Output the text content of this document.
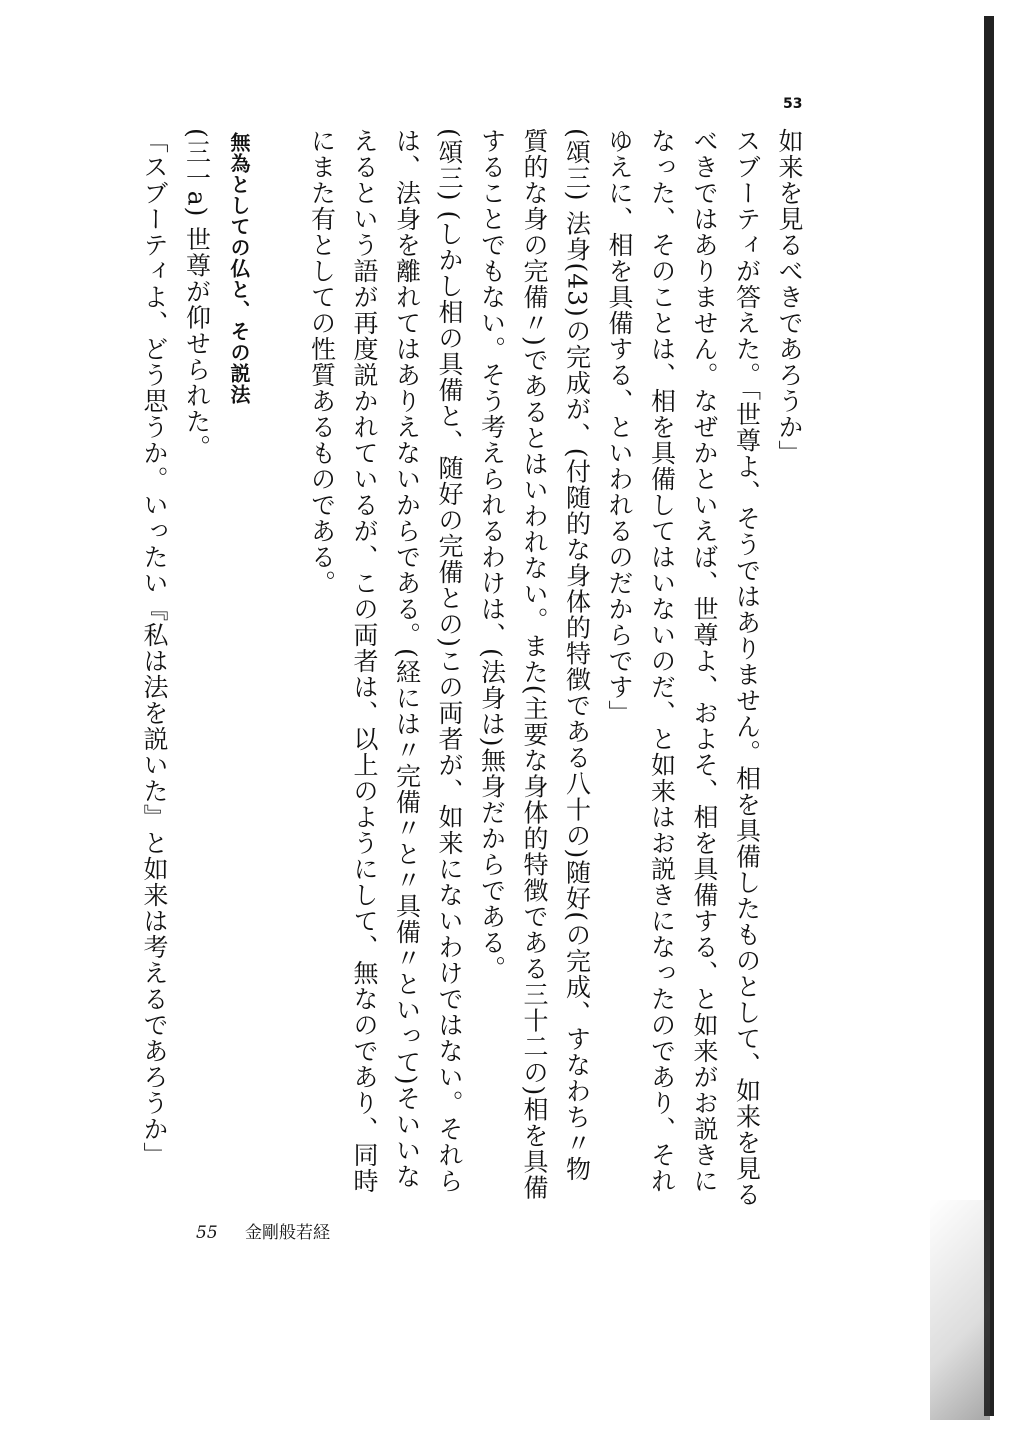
53

如来を見るべきであろうか」

スブーティが答えた。「世尊よ、そうではありません。相を具備したものとして、如来を見るべきではありません。なぜかといえば、世尊よ、およそ、相を具備する、と如来がお説きになった、そのことは、相を具備してはいないのだ、と如来はお説きになったのであり、それゆえに、相を具備する、といわれるのだからです」

(頌三) 法身(43)の完成が、(付随的な身体的特徴である八十の)随好(の完成、すなわち〃物質的な身の完備〃)であるとはいわれない。また(主要な身体的特徴である三十二の)相を具備することでもない。そう考えられるわけは、(法身は)無身だからである。

(頌三) (しかし相の具備と、随好の完備との)この両者が、如来にないわけではない。それらは、法身を離れてはありえないからである。(経には〃完備〃と〃具備〃といって)そいいなえるという語が再度説かれているが、この両者は、以上のようにして、無なのであり、同時にまた有としての性質あるものである。

無為としての仏と、その説法

(三一a) 世尊が仰せられた。

「スブーティよ、どう思うか。いったい『私は法を説いた』と如来は考えるであろうか」

55 金剛般若経
